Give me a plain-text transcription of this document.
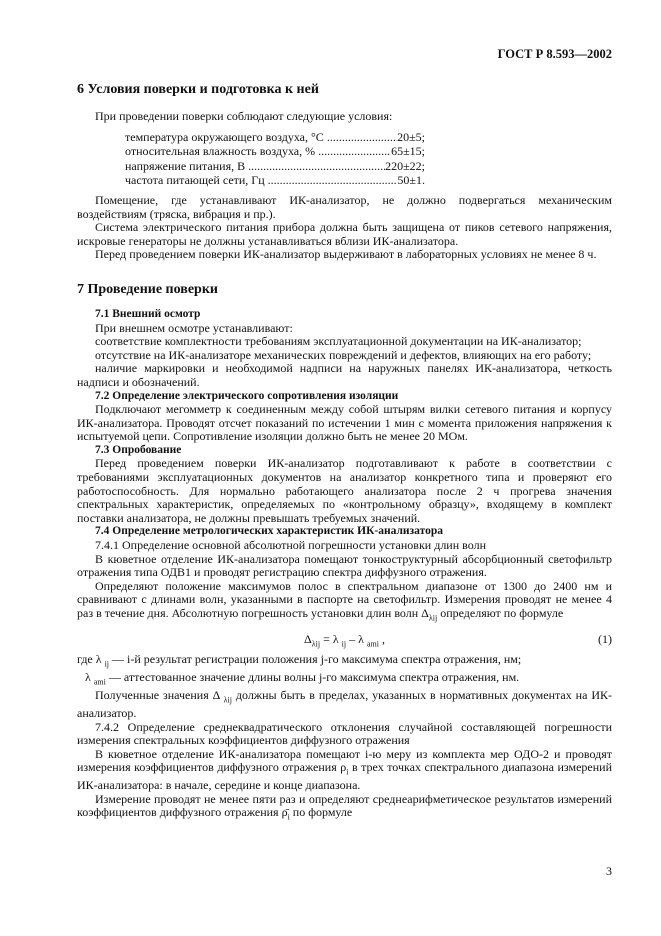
ГОСТ Р 8.593—2002
6 Условия поверки и подготовка к ней

При проведении поверки соблюдают следующие условия:

температура окружающего воздуха, °С .....	20±5;
относительная влажность воздуха, % .....	65±15;
напряжение питания, В .....	220±22;
частота питающей сети, Гц .....	50±1.

Помещение, где устанавливают ИК-анализатор, не должно подвергаться механическим воздействиям (тряска, вибрация и пр.).

Система электрического питания прибора должна быть защищена от пиков сетевого напряжения, искровые генераторы не должны устанавливаться вблизи ИК-анализатора.

Перед проведением поверки ИК-анализатор выдерживают в лабораторных условиях не менее 8 ч.

7 Проведение поверки
7.1 Внешний осмотр

При внешнем осмотре устанавливают:

соответствие комплектности требованиям эксплуатационной документации на ИК-анализатор;

отсутствие на ИК-анализаторе механических повреждений и дефектов, влияющих на его работу;

наличие маркировки и необходимой надписи на наружных панелях ИК-анализатора, четкость надписи и обозначений.

7.2 Определение электрического сопротивления изоляции

Подключают мегомметр к соединенным между собой штырям вилки сетевого питания и корпусу ИК-анализатора. Проводят отсчет показаний по истечении 1 мин с момента приложения напряжения к испытуемой цепи. Сопротивление изоляции должно быть не менее 20 МОм.

7.3 Опробование

Перед проведением поверки ИК-анализатор подготавливают к работе в соответствии с требованиями эксплуатационных документов на анализатор конкретного типа и проверяют его работоспособность. Для нормально работающего анализатора после 2 ч прогрева значения спектральных характеристик, определяемых по «контрольному образцу», входящему в комплект поставки анализатора, не должны превышать требуемых значений.

7.4 Определение метрологических характеристик ИК-анализатора

7.4.1 Определение основной абсолютной погрешности установки длин волн

В кюветное отделение ИК-анализатора помещают тонкоструктурный абсорбционный светофильтр отражения типа ОДВ1 и проводят регистрацию спектра диффузного отражения.

Определяют положение максимумов полос в спектральном диапазоне от 1300 до 2400 нм и сравнивают с длинами волн, указанными в паспорте на светофильтр. Измерения проводят не менее 4 раз в течение дня. Абсолютную погрешность установки длин волн $\Delta_{\lambda ij}$ определяют по формуле

$\Delta_{\lambda ij} = \lambda$ $_{ij}$ – λ $_{ami}$ ,	(1)

где λ $_{ij}$ — i-й результат регистрации положения j-го максимума спектра отражения, нм;

λ $_{ami}$ — аттестованное значение длины волны j-го максимума спектра отражения, нм.

Полученные значения Δ $_{\lambda ij}$ должны быть в пределах, указанных в нормативных документах на ИК-анализатор.

7.4.2 Определение среднеквадратического отклонения случайной составляющей погрешности измерения спектральных коэффициентов диффузного отражения

В кюветное отделение ИК-анализатора помещают i-ю меру из комплекта мер ОДО-2 и проводят измерения коэффициентов диффузного отражения $\rho_i$ в трех точках спектрального диапазона измерений ИК-анализатора: в начале, середине и конце диапазона.

Измерение проводят не менее пяти раз и определяют среднеарифметическое результатов измерений коэффициентов диффузного отражения $\rhō_i$ по формуле

3
